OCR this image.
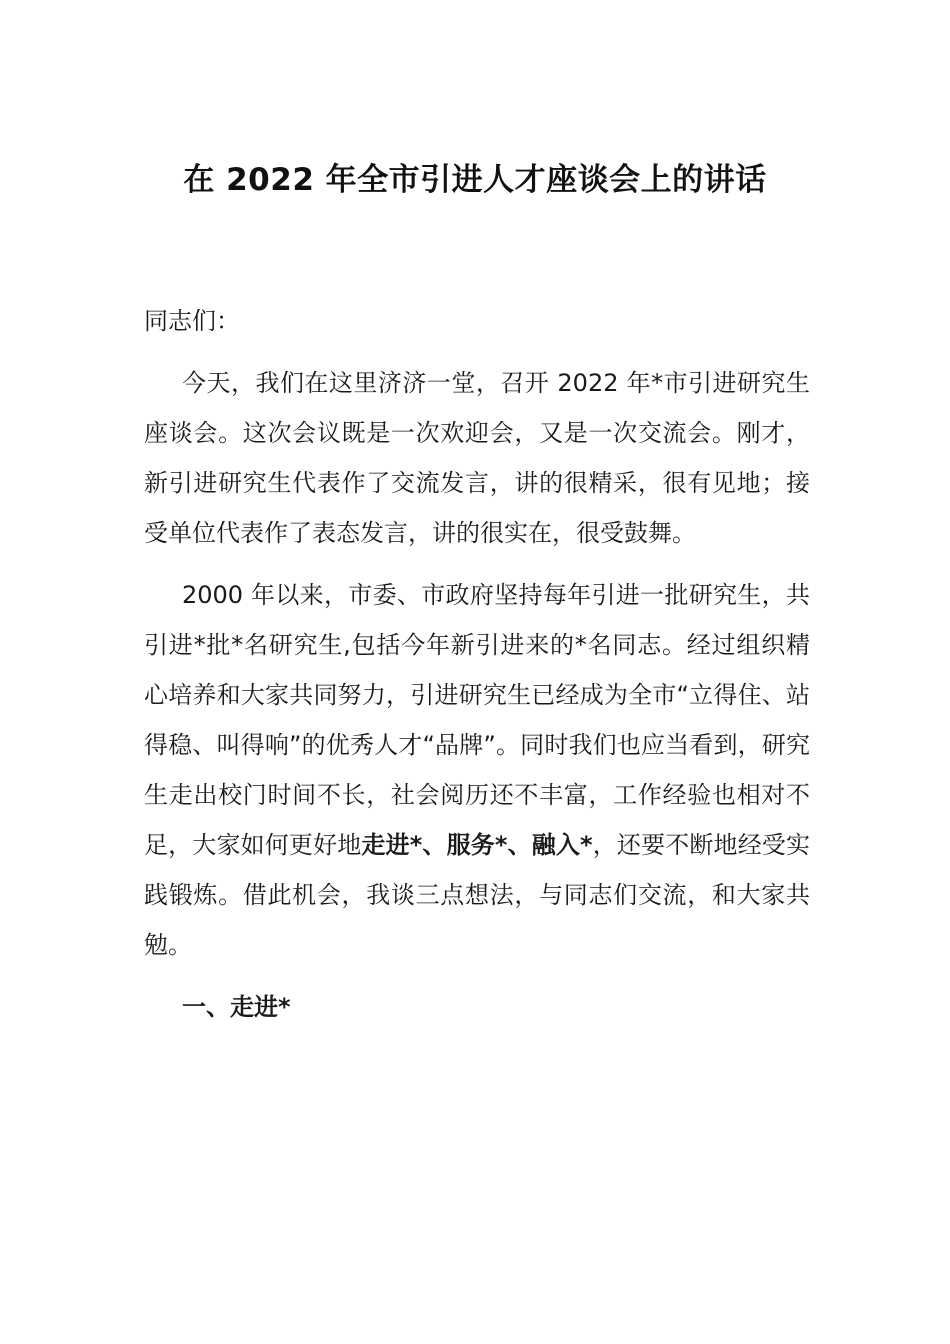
在 2022 年全市引进人才座谈会上的讲话

同志们：

今天，我们在这里济济一堂，召开 2022 年*市引进研究生座谈会。这次会议既是一次欢迎会，又是一次交流会。刚才，新引进研究生代表作了交流发言，讲的很精采，很有见地；接受单位代表作了表态发言，讲的很实在，很受鼓舞。

2000 年以来，市委、市政府坚持每年引进一批研究生，共引进*批*名研究生,包括今年新引进来的*名同志。经过组织精心培养和大家共同努力，引进研究生已经成为全市“立得住、站得稳、叫得响”的优秀人才“品牌”。同时我们也应当看到，研究生走出校门时间不长，社会阅历还不丰富，工作经验也相对不足，大家如何更好地走进*、服务*、融入*，还要不断地经受实践锻炼。借此机会，我谈三点想法，与同志们交流，和大家共勉。

一、走进*
